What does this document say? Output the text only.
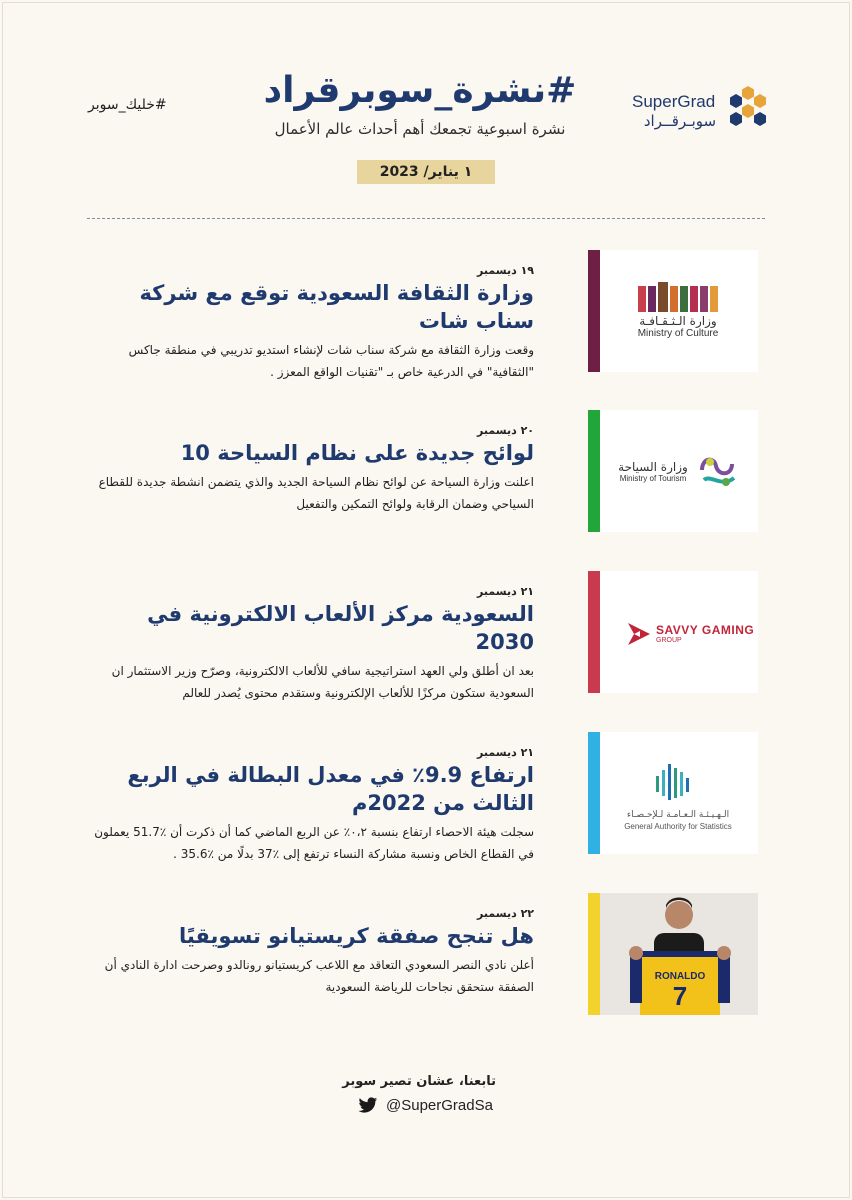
SuperGrad
سوبـرقــراد
#نشرة_سوبرقراد
نشرة اسبوعية تجمعك أهم أحداث عالم الأعمال
١ يناير/ 2023
#خليك_سوبر
١٩ ديسمبر
وزارة الثقافة السعودية توقع مع شركة سناب شات
وقعت وزارة الثقافة مع شركة سناب شات لإنشاء استديو تدريبي في منطقة جاكس "الثقافية" في الدرعية خاص بـ "تقنيات الواقع المعزز .
وزارة الـثـقـافـة
Ministry of Culture
٢٠ ديسمبر
لوائح جديدة على نظام السياحة 10
اعلنت وزارة السياحة عن لوائح نظام السياحة الجديد والذي يتضمن انشطة جديدة للقطاع السياحي وضمان الرقابة ولوائح التمكين والتفعيل
وزارة السياحة
Ministry of Tourism
٢١ ديسمبر
السعودية مركز الألعاب الالكترونية في 2030
بعد ان أطلق ولي العهد استراتيجية سافي للألعاب الالكترونية، وصرّح وزير الاستثمار ان السعودية ستكون مركزًا للألعاب الإلكترونية وستقدم محتوى يُصدر للعالم
SAVVY GAMING
GROUP
٢١ ديسمبر
ارتفاع 9.9٪ في معدل البطالة في الربع الثالث من 2022م
سجلت هيئة الاحصاء ارتفاع بنسبة ٠،٢٪ عن الربع الماضي كما أن ذكرت أن ٪51.7 يعملون في القطاع الخاص ونسبة مشاركة النساء ترتفع إلى ٪37 بدلًا من ٪35.6 .
الـهـيـئـة الـعـامـة لـلإحـصـاء
General Authority for Statistics
٢٢ ديسمبر
هل تنجح صفقة كريستيانو تسويقيًا
أعلن نادي النصر السعودي التعاقد مع اللاعب كريستيانو رونالدو وصرحت ادارة النادي أن الصفقة ستحقق نجاحات للرياضة السعودية
RONALDO
7
تابعنا، عشان تصير سوبر
@SuperGradSa
